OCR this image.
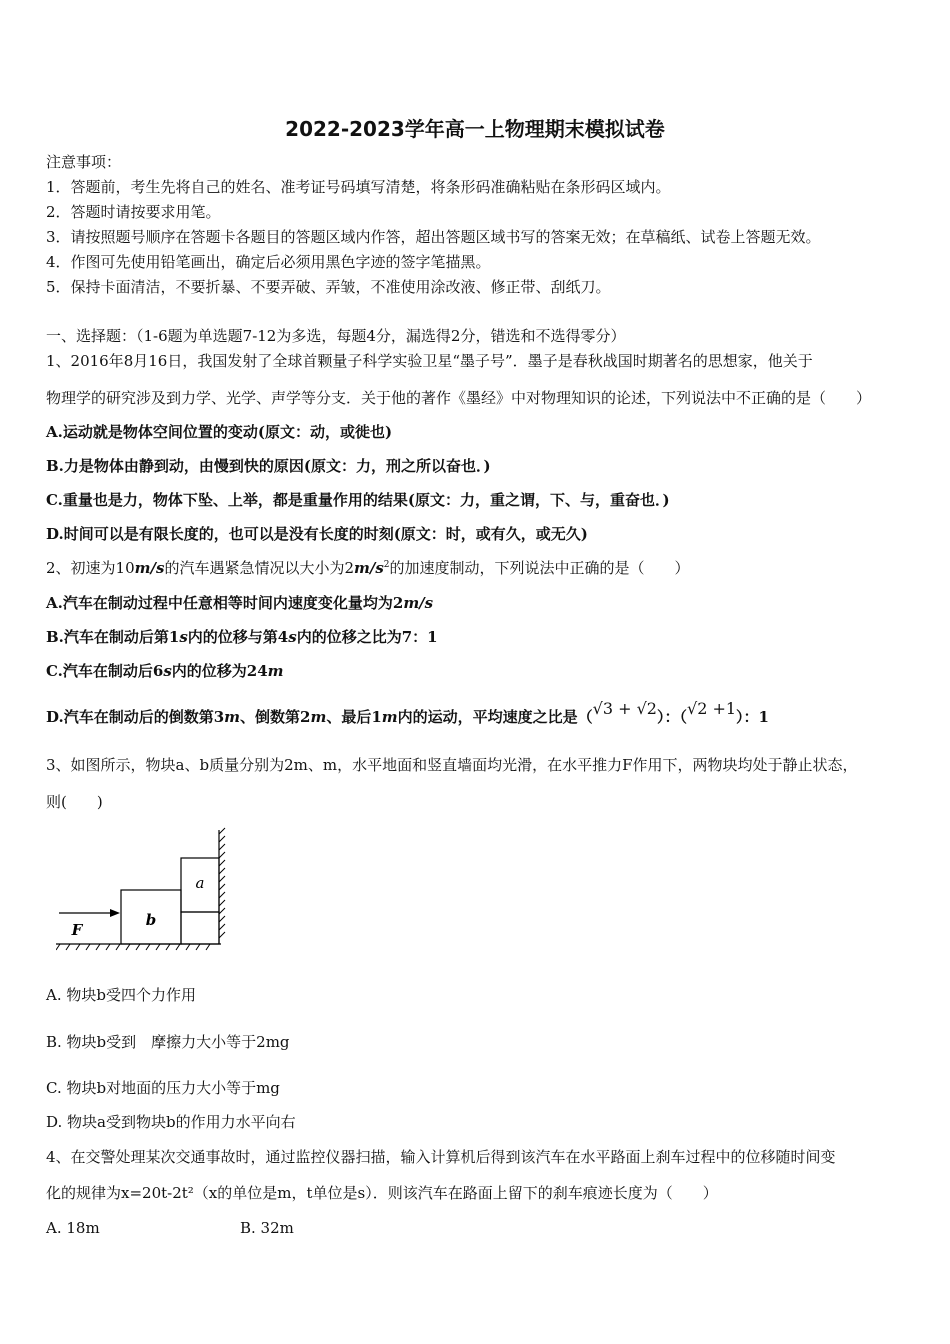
2022-2023学年高一上物理期末模拟试卷
注意事项：
1．答题前，考生先将自己的姓名、准考证号码填写清楚，将条形码准确粘贴在条形码区域内。
2．答题时请按要求用笔。
3．请按照题号顺序在答题卡各题目的答题区域内作答，超出答题区域书写的答案无效；在草稿纸、试卷上答题无效。
4．作图可先使用铅笔画出，确定后必须用黑色字迹的签字笔描黑。
5．保持卡面清洁，不要折暴、不要弄破、弄皱，不准使用涂改液、修正带、刮纸刀。
一、选择题：（1-6题为单选题7-12为多选，每题4分，漏选得2分，错选和不选得零分）
1、2016年8月16日，我国发射了全球首颗量子科学实验卫星“墨子号”．墨子是春秋战国时期著名的思想家，他关于
物理学的研究涉及到力学、光学、声学等分支．关于他的著作《墨经》中对物理知识的论述，下列说法中不正确的是（　　）
A.运动就是物体空间位置的变动(原文：动，或徙也)
B.力是物体由静到动，由慢到快的原因(原文：力，刑之所以奋也．)
C.重量也是力，物体下坠、上举，都是重量作用的结果(原文：力，重之谓，下、与，重奋也．)
D.时间可以是有限长度的，也可以是没有长度的时刻(原文：时，或有久，或无久)
2、初速为10m/s的汽车遇紧急情况以大小为$2m/s^2$的加速度制动，下列说法中正确的是（　　）
A.汽车在制动过程中任意相等时间内速度变化量均为2m/s
B.汽车在制动后第1s内的位移与第4s内的位移之比为7：1
C.汽车在制动后6s内的位移为24m
D.汽车在制动后的倒数第3m、倒数第2m、最后1m内的运动，平均速度之比是（√3 + √2）：（√2 +1）：1
3、如图所示，物块a、b质量分别为2m、m，水平地面和竖直墙面均光滑，在水平推力F作用下，两物块均处于静止状态，
则(　　)
a
b
F
A. 物块b受四个力作用
B. 物块b受到　摩擦力大小等于2mg
C. 物块b对地面的压力大小等于mg
D. 物块a受到物块b的作用力水平向右
4、在交警处理某次交通事故时，通过监控仪器扫描，输入计算机后得到该汽车在水平路面上刹车过程中的位移随时间变
化的规律为x=20t-2t²（x的单位是m，t单位是s）．则该汽车在路面上留下的刹车痕迹长度为（　　）
A. 18m	B. 32m
